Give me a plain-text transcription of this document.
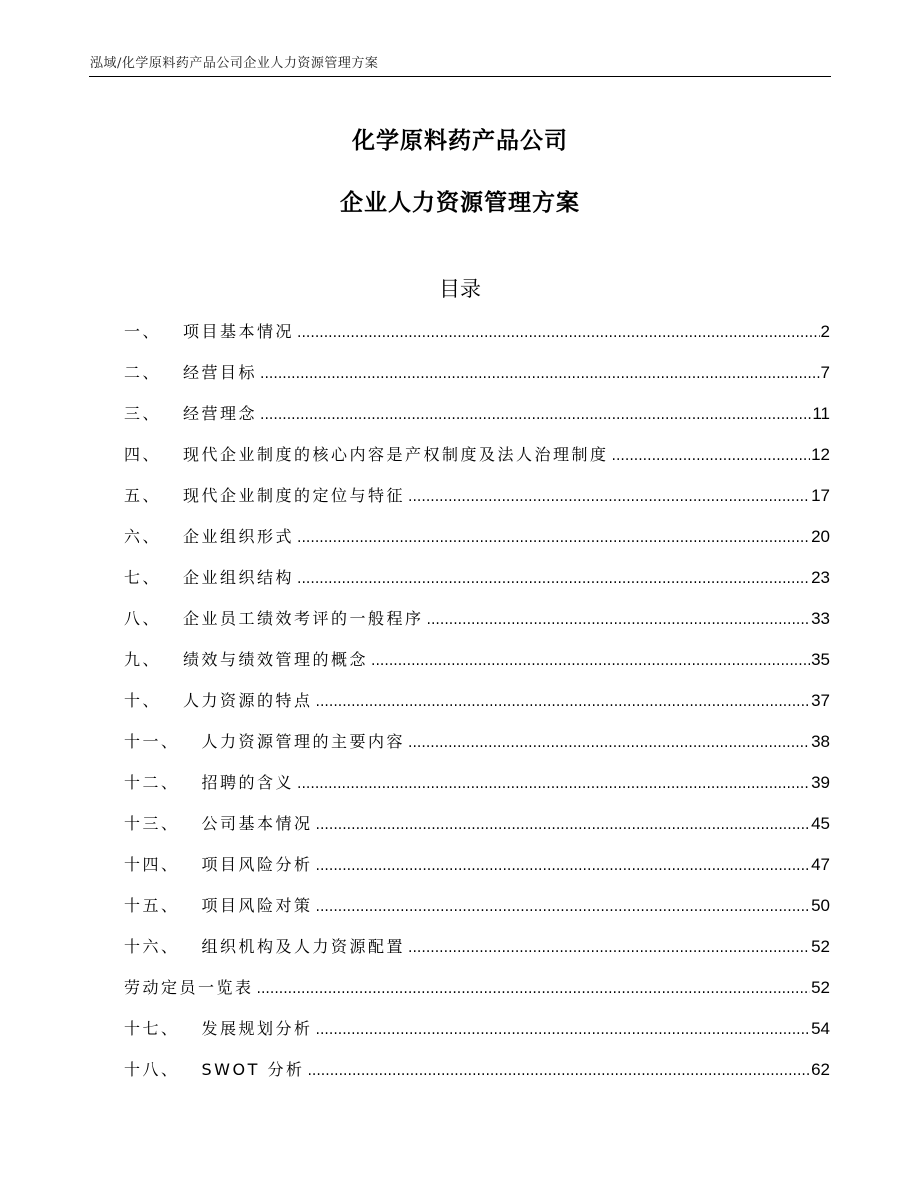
泓域/化学原料药产品公司企业人力资源管理方案
化学原料药产品公司
企业人力资源管理方案
目录
一、 项目基本情况 .....	2
二、 经营目标 .....	7
三、 经营理念 .....	11
四、 现代企业制度的核心内容是产权制度及法人治理制度 .....	12
五、 现代企业制度的定位与特征 .....	17
六、 企业组织形式 .....	20
七、 企业组织结构 .....	23
八、 企业员工绩效考评的一般程序 .....	33
九、 绩效与绩效管理的概念 .....	35
十、 人力资源的特点 .....	37
十一、 人力资源管理的主要内容 .....	38
十二、 招聘的含义 .....	39
十三、 公司基本情况 .....	45
十四、 项目风险分析 .....	47
十五、 项目风险对策 .....	50
十六、 组织机构及人力资源配置 .....	52
劳动定员一览表 .....	52
十七、 发展规划分析 .....	54
十八、 SWOT 分析 .....	62
